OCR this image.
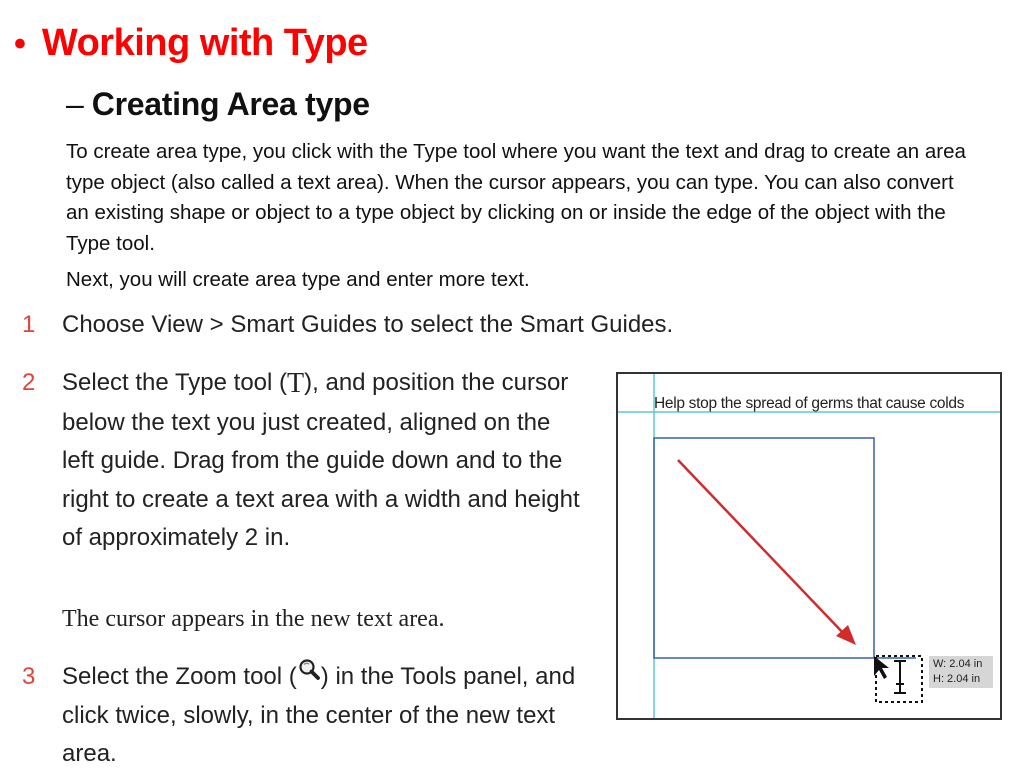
• Working with Type
– Creating Area type
To create area type, you click with the Type tool where you want the text and drag to create an area type object (also called a text area). When the cursor appears, you can type. You can also convert an existing shape or object to a type object by clicking on or inside the edge of the object with the Type tool.
Next, you will create area type and enter more text.
1	Choose View > Smart Guides to select the Smart Guides.
2	Select the Type tool (T), and position the cursor below the text you just created, aligned on the left guide. Drag from the guide down and to the right to create a text area with a width and height of approximately 2 in.
The cursor appears in the new text area.
3	Select the Zoom tool ( ) in the Tools panel, and click twice, slowly, in the center of the new text area.
Help stop the spread of germs that cause colds
W: 2.04 in
H: 2.04 in
